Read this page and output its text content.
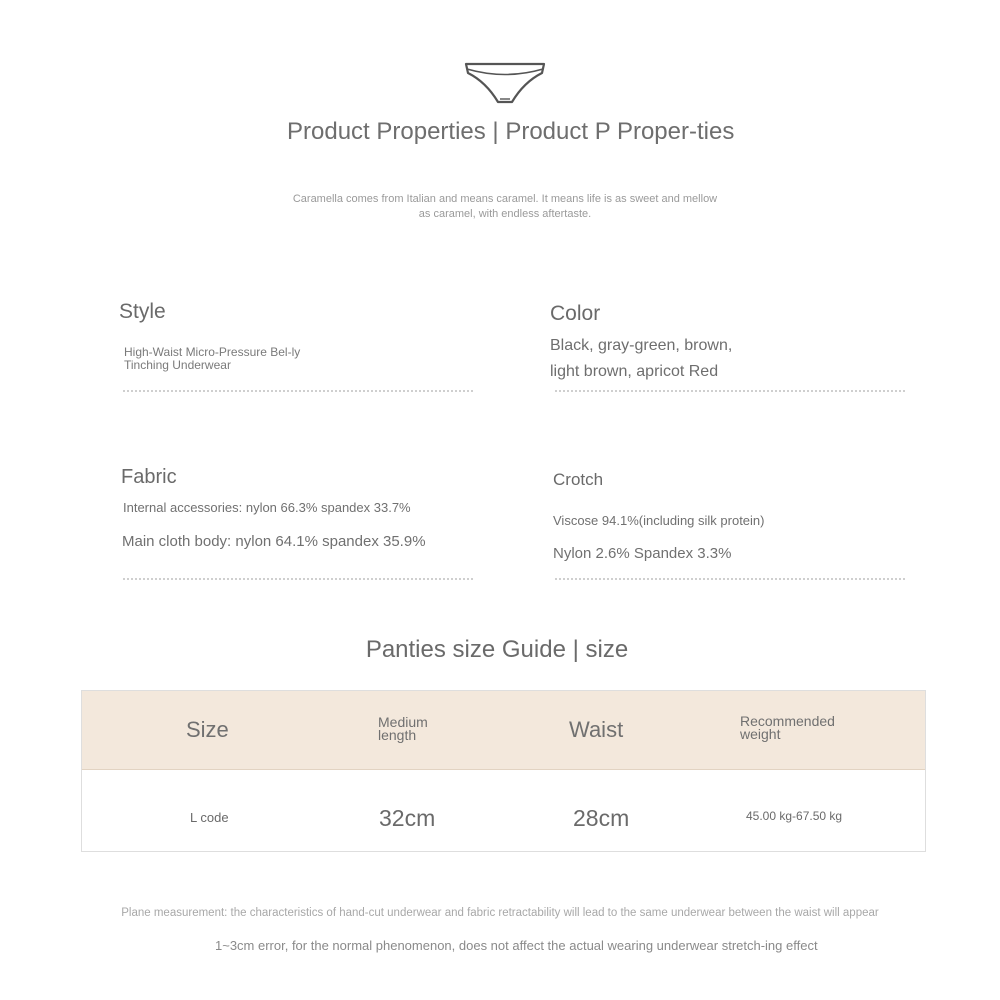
Product Properties | Product P Proper-ties
Caramella comes from Italian and means caramel. It means life is as sweet and mellow as caramel, with endless aftertaste.
Style
High-Waist Micro-Pressure Bel-ly Tinching Underwear
Color
Black, gray-green, brown, light brown, apricot Red
Fabric
Internal accessories: nylon 66.3% spandex 33.7%
Main cloth body: nylon 64.1% spandex 35.9%
Crotch
Viscose 94.1%(including silk protein)
Nylon 2.6% Spandex 3.3%
Panties size Guide | size
Size	Medium length	Waist	Recommended weight
L code	32cm	28cm	45.00 kg-67.50 kg
Plane measurement: the characteristics of hand-cut underwear and fabric retractability will lead to the same underwear between the waist will appear
1~3cm error, for the normal phenomenon, does not affect the actual wearing underwear stretch-ing effect
